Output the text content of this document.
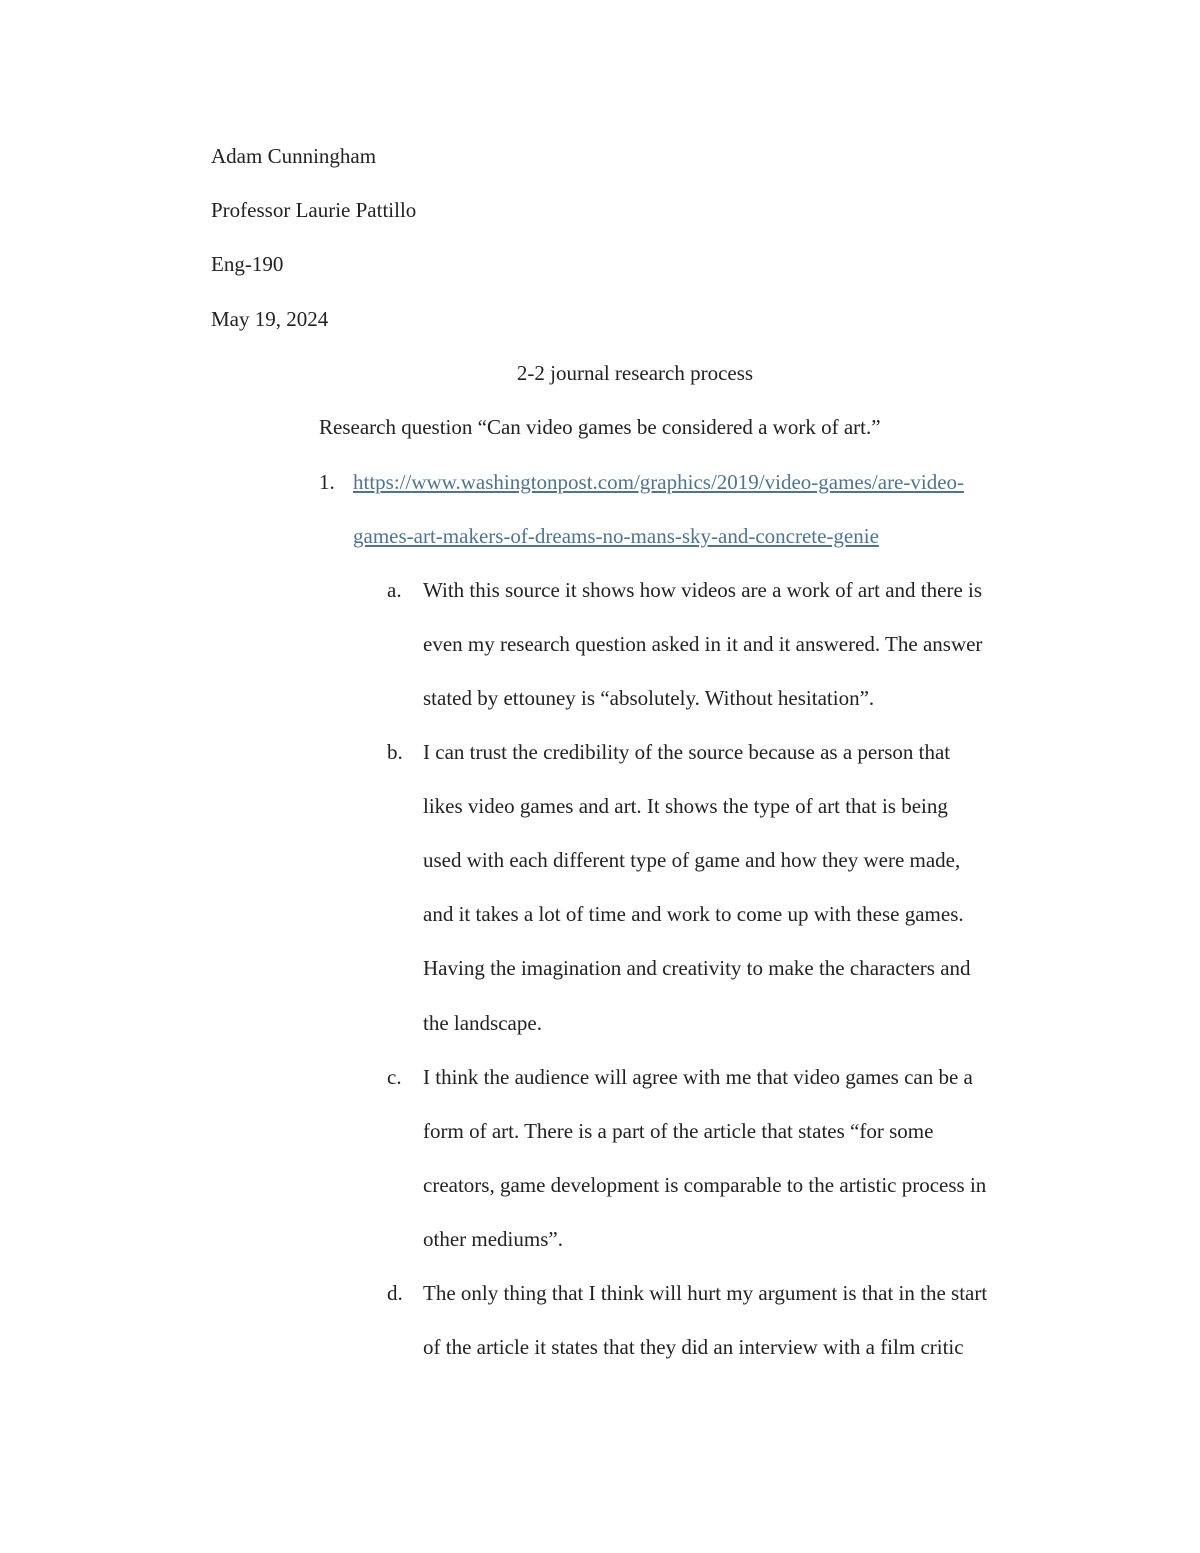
Adam Cunningham
Professor Laurie Pattillo
Eng-190
May 19, 2024
2-2 journal research process
Research question “Can video games be considered a work of art.”
1. https://www.washingtonpost.com/graphics/2019/video-games/are-video-
games-art-makers-of-dreams-no-mans-sky-and-concrete-genie
a. With this source it shows how videos are a work of art and there is
even my research question asked in it and it answered. The answer
stated by ettouney is “absolutely. Without hesitation”.
b. I can trust the credibility of the source because as a person that
likes video games and art. It shows the type of art that is being
used with each different type of game and how they were made,
and it takes a lot of time and work to come up with these games.
Having the imagination and creativity to make the characters and
the landscape.
c. I think the audience will agree with me that video games can be a
form of art. There is a part of the article that states “for some
creators, game development is comparable to the artistic process in
other mediums”.
d. The only thing that I think will hurt my argument is that in the start
of the article it states that they did an interview with a film critic
